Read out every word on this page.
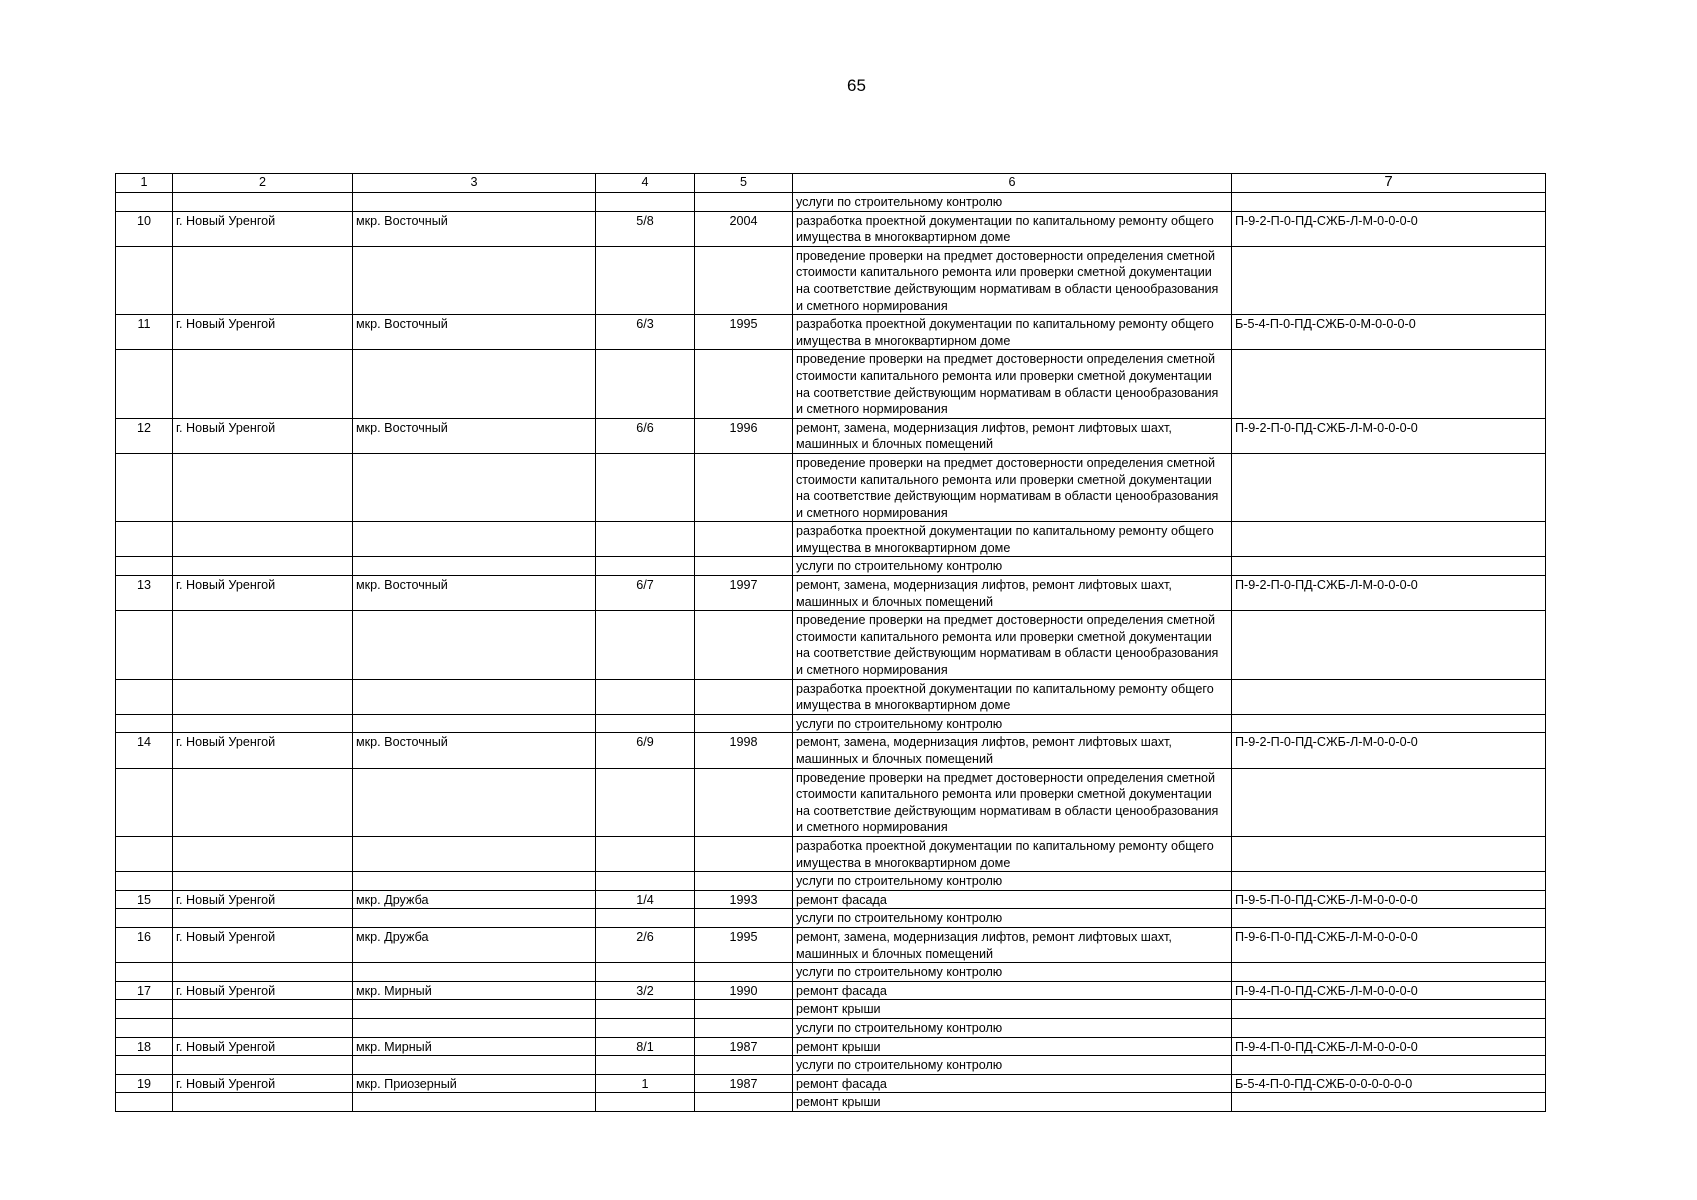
65
1	2	3	4	5	6	7
					услуги по строительному контролю	
10	г. Новый Уренгой	мкр. Восточный	5/8	2004	разработка проектной документации по капитальному ремонту общего имущества в многоквартирном доме	П-9-2-П-0-ПД-СЖБ-Л-М-0-0-0-0
					проведение проверки на предмет достоверности определения сметной стоимости капитального ремонта или проверки сметной документации на соответствие действующим нормативам в области ценообразования и сметного нормирования	
11	г. Новый Уренгой	мкр. Восточный	6/3	1995	разработка проектной документации по капитальному ремонту общего имущества в многоквартирном доме	Б-5-4-П-0-ПД-СЖБ-0-М-0-0-0-0
					проведение проверки на предмет достоверности определения сметной стоимости капитального ремонта или проверки сметной документации на соответствие действующим нормативам в области ценообразования и сметного нормирования	
12	г. Новый Уренгой	мкр. Восточный	6/6	1996	ремонт, замена, модернизация лифтов, ремонт лифтовых шахт, машинных и блочных помещений	П-9-2-П-0-ПД-СЖБ-Л-М-0-0-0-0
					проведение проверки на предмет достоверности определения сметной стоимости капитального ремонта или проверки сметной документации на соответствие действующим нормативам в области ценообразования и сметного нормирования	
					разработка проектной документации по капитальному ремонту общего имущества в многоквартирном доме	
					услуги по строительному контролю	
13	г. Новый Уренгой	мкр. Восточный	6/7	1997	ремонт, замена, модернизация лифтов, ремонт лифтовых шахт, машинных и блочных помещений	П-9-2-П-0-ПД-СЖБ-Л-М-0-0-0-0
					проведение проверки на предмет достоверности определения сметной стоимости капитального ремонта или проверки сметной документации на соответствие действующим нормативам в области ценообразования и сметного нормирования	
					разработка проектной документации по капитальному ремонту общего имущества в многоквартирном доме	
					услуги по строительному контролю	
14	г. Новый Уренгой	мкр. Восточный	6/9	1998	ремонт, замена, модернизация лифтов, ремонт лифтовых шахт, машинных и блочных помещений	П-9-2-П-0-ПД-СЖБ-Л-М-0-0-0-0
					проведение проверки на предмет достоверности определения сметной стоимости капитального ремонта или проверки сметной документации на соответствие действующим нормативам в области ценообразования и сметного нормирования	
					разработка проектной документации по капитальному ремонту общего имущества в многоквартирном доме	
					услуги по строительному контролю	
15	г. Новый Уренгой	мкр. Дружба	1/4	1993	ремонт фасада	П-9-5-П-0-ПД-СЖБ-Л-М-0-0-0-0
					услуги по строительному контролю	
16	г. Новый Уренгой	мкр. Дружба	2/6	1995	ремонт, замена, модернизация лифтов, ремонт лифтовых шахт, машинных и блочных помещений	П-9-6-П-0-ПД-СЖБ-Л-М-0-0-0-0
					услуги по строительному контролю	
17	г. Новый Уренгой	мкр. Мирный	3/2	1990	ремонт фасада	П-9-4-П-0-ПД-СЖБ-Л-М-0-0-0-0
					ремонт крыши	
					услуги по строительному контролю	
18	г. Новый Уренгой	мкр. Мирный	8/1	1987	ремонт крыши	П-9-4-П-0-ПД-СЖБ-Л-М-0-0-0-0
					услуги по строительному контролю	
19	г. Новый Уренгой	мкр. Приозерный	1	1987	ремонт фасада	Б-5-4-П-0-ПД-СЖБ-0-0-0-0-0-0
					ремонт крыши	
